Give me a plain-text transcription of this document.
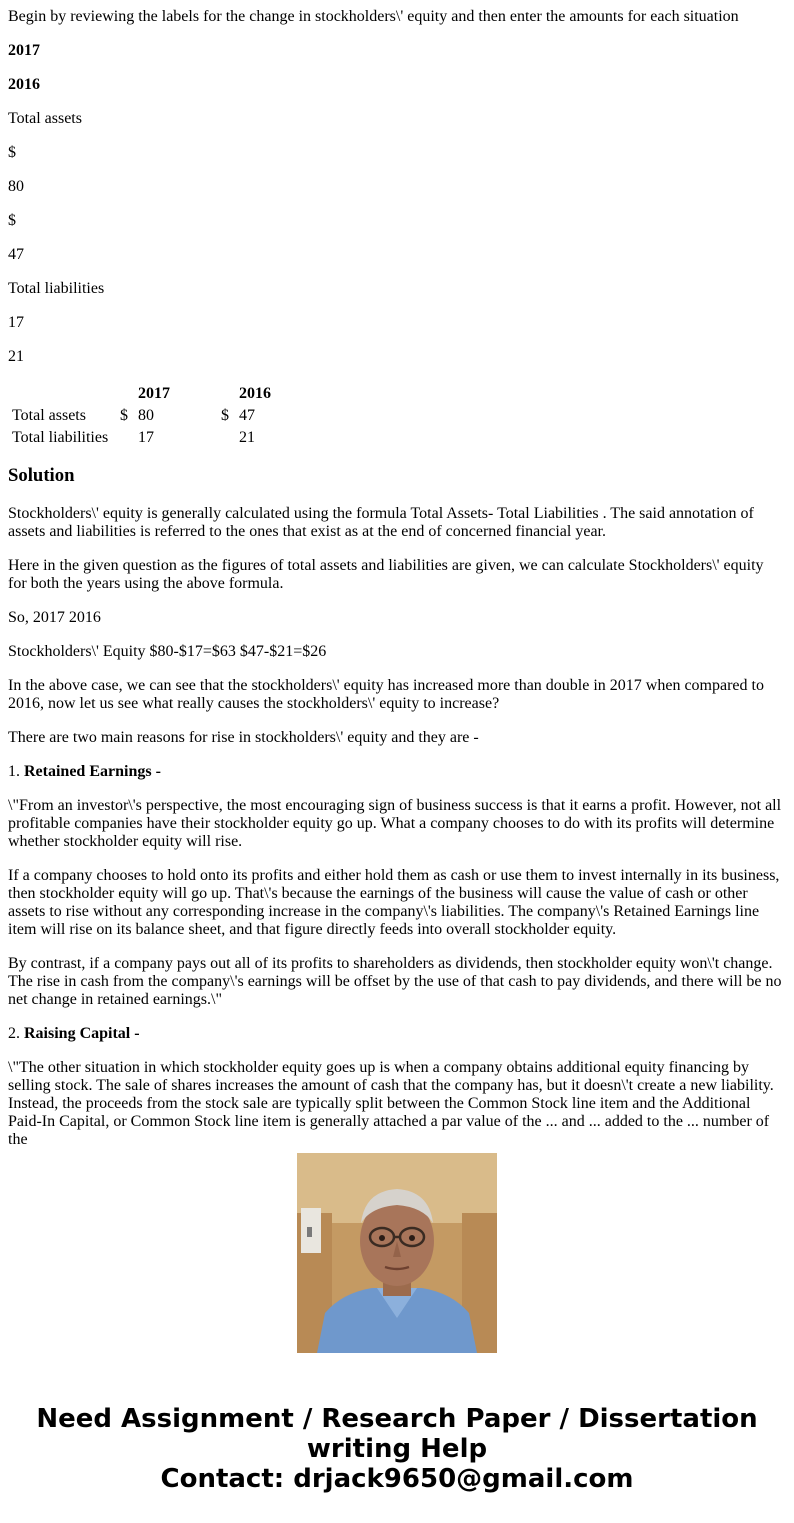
Begin by reviewing the labels for the change in stockholders\' equity and then enter the amounts for each situation

2017

2016

Total assets

$

80

$

47

Total liabilities

17

21

		2017		2016
Total assets	$	80	$	47
Total liabilities		17		21
Solution

Stockholders\' equity is generally calculated using the formula Total Assets- Total Liabilities . The said annotation of assets and liabilities is referred to the ones that exist as at the end of concerned financial year.

Here in the given question as the figures of total assets and liabilities are given, we can calculate Stockholders\' equity for both the years using the above formula.

So, 2017 2016

Stockholders\' Equity $80-$17=$63 $47-$21=$26

In the above case, we can see that the stockholders\' equity has increased more than double in 2017 when compared to 2016, now let us see what really causes the stockholders\' equity to increase?

There are two main reasons for rise in stockholders\' equity and they are -

1. Retained Earnings -

\"From an investor\'s perspective, the most encouraging sign of business success is that it earns a profit. However, not all profitable companies have their stockholder equity go up. What a company chooses to do with its profits will determine whether stockholder equity will rise.

If a company chooses to hold onto its profits and either hold them as cash or use them to invest internally in its business, then stockholder equity will go up. That\'s because the earnings of the business will cause the value of cash or other assets to rise without any corresponding increase in the company\'s liabilities. The company\'s Retained Earnings line item will rise on its balance sheet, and that figure directly feeds into overall stockholder equity.

By contrast, if a company pays out all of its profits to shareholders as dividends, then stockholder equity won\'t change. The rise in cash from the company\'s earnings will be offset by the use of that cash to pay dividends, and there will be no net change in retained earnings.\"

2. Raising Capital -

\"The other situation in which stockholder equity goes up is when a company obtains additional equity financing by selling stock. The sale of shares increases the amount of cash that the company has, but it doesn\'t create a new liability. Instead, the proceeds from the stock sale are typically split between the Common Stock line item and the Additional Paid-In Capital, or Common Stock line item is generally attached a par value of the ... and ... added to the ... number of the

Need Assignment / Research Paper / Dissertation
writing Help
Contact: drjack9650@gmail.com
